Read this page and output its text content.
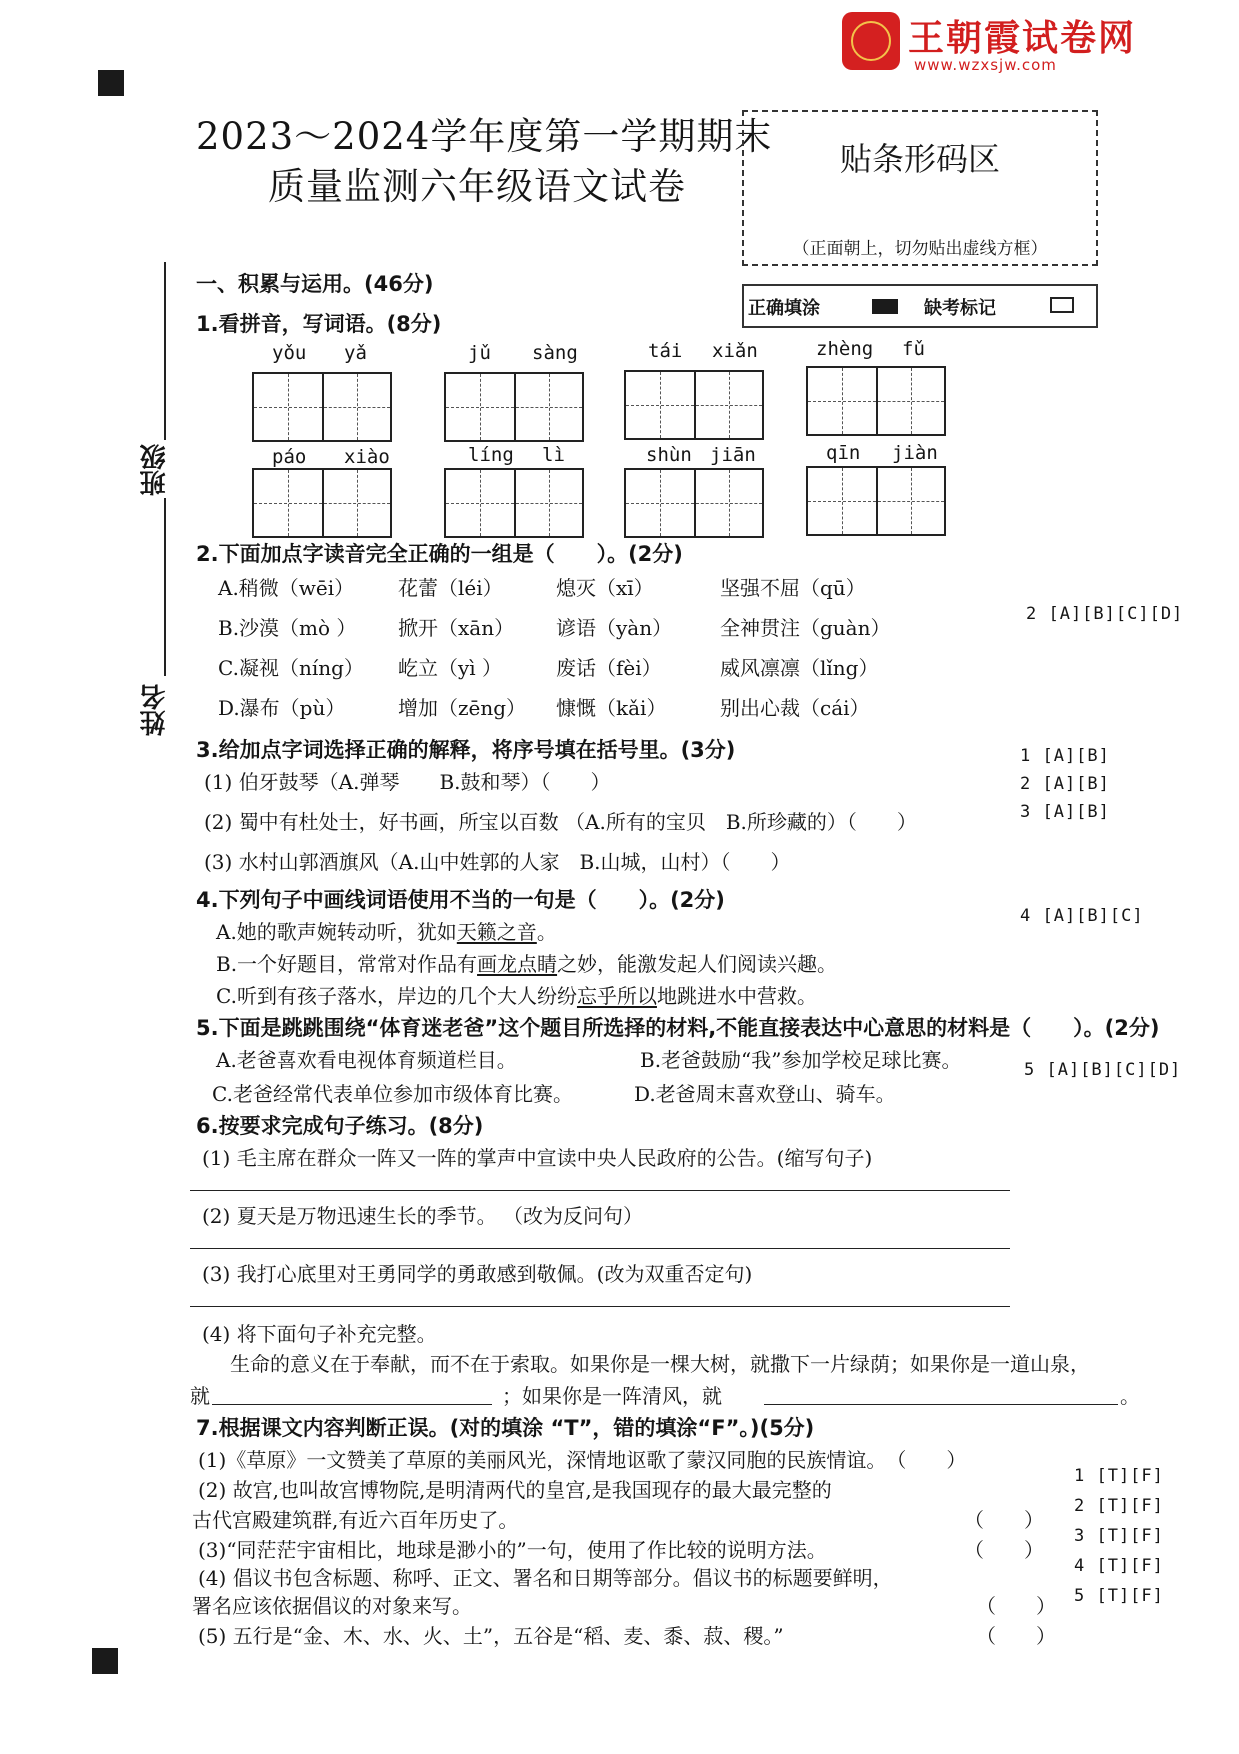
王朝霞试卷网
www.wzxsjw.com
2023～2024学年度第一学期期末
质量监测六年级语文试卷
贴条形码区
（正面朝上，切勿贴出虚线方框）
正确填涂	缺考标记
班级
姓名
一、积累与运用。(46分)
1.看拼音，写词语。(8分)
yǒu yǎ	jǔ sàng	tái xiǎn	zhèng fǔ
páo xiào	líng lì	shùn jiān	qīn jiàn
2.下面加点字读音完全正确的一组是（　　）。(2分)
A.稍微（wēi） 花蕾（léi）	熄灭（xī）	坚强不屈（qū）
B.沙漠（mò ） 掀开（xān） 谚语（yàn） 全神贯注（guàn）
C.凝视（níng） 屹立（yì ）	废话（fèi）	威风凛凛（lǐng）
D.瀑布（pù）	增加（zēng） 慷慨（kǎi）	别出心裁（cái）
2 [A][B][C][D]
3.给加点字词选择正确的解释，将序号填在括号里。(3分)
(1) 伯牙鼓琴（A.弹琴　　B.鼓和琴）（　　）
(2) 蜀中有杜处士，好书画，所宝以百数 （A.所有的宝贝　B.所珍藏的）（　　）
(3) 水村山郭酒旗风（A.山中姓郭的人家　B.山城，山村）（　　）
1 [A][B]
2 [A][B]
3 [A][B]
4.下列句子中画线词语使用不当的一句是（　　）。(2分)
A.她的歌声婉转动听，犹如天籁之音。
B.一个好题目，常常对作品有画龙点睛之妙，能激发起人们阅读兴趣。
C.听到有孩子落水，岸边的几个大人纷纷忘乎所以地跳进水中营救。
4 [A][B][C]
5.下面是跳跳围绕“体育迷老爸”这个题目所选择的材料,不能直接表达中心意思的材料是（　　）。(2分)
A.老爸喜欢看电视体育频道栏目。	B.老爸鼓励“我”参加学校足球比赛。
C.老爸经常代表单位参加市级体育比赛。	D.老爸周末喜欢登山、骑车。
5 [A][B][C][D]
6.按要求完成句子练习。(8分)
(1) 毛主席在群众一阵又一阵的掌声中宣读中央人民政府的公告。(缩写句子)
(2) 夏天是万物迅速生长的季节。 （改为反问句）
(3) 我打心底里对王勇同学的勇敢感到敬佩。(改为双重否定句)
(4) 将下面句子补充完整。
生命的意义在于奉献，而不在于索取。如果你是一棵大树，就撒下一片绿荫；如果你是一道山泉，
就	；如果你是一阵清风，就	。
7.根据课文内容判断正误。(对的填涂 “T”，错的填涂“F”。)(5分)
(1)《草原》一文赞美了草原的美丽风光，深情地讴歌了蒙汉同胞的民族情谊。　（　　）
(2) 故宫,也叫故宫博物院,是明清两代的皇宫,是我国现存的最大最完整的
古代宫殿建筑群,有近六百年历史了。	（　　）
(3)“同茫茫宇宙相比，地球是渺小的”一句，使用了作比较的说明方法。	（　　）
(4) 倡议书包含标题、称呼、正文、署名和日期等部分。倡议书的标题要鲜明，
署名应该依据倡议的对象来写。	（　　）
(5) 五行是“金、木、水、火、土”，五谷是“稻、麦、黍、菽、稷。”	（　　）
1 [T][F]
2 [T][F]
3 [T][F]
4 [T][F]
5 [T][F]
